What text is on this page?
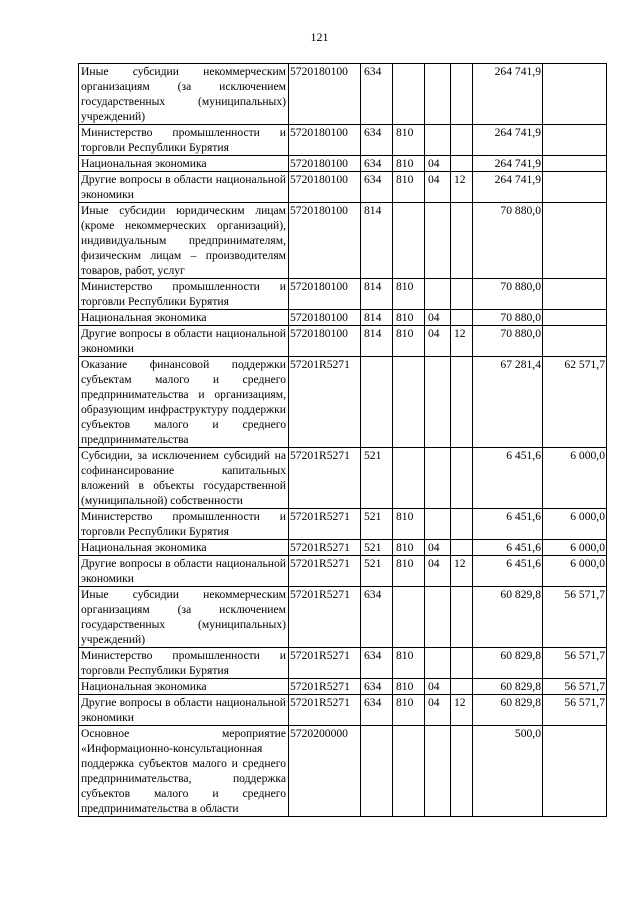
121
Иные субсидии некоммерческим организациям (за исключением государственных (муниципальных) учреждений)	5720180100	634				264 741,9	
Министерство промышленности и торговли Республики Бурятия	5720180100	634	810			264 741,9	
Национальная экономика	5720180100	634	810	04		264 741,9	
Другие вопросы в области национальной экономики	5720180100	634	810	04	12	264 741,9	
Иные субсидии юридическим лицам (кроме некоммерческих организаций), индивидуальным предпринимателям, физическим лицам – производителям товаров, работ, услуг	5720180100	814				70 880,0	
Министерство промышленности и торговли Республики Бурятия	5720180100	814	810			70 880,0	
Национальная экономика	5720180100	814	810	04		70 880,0	
Другие вопросы в области национальной экономики	5720180100	814	810	04	12	70 880,0	
Оказание финансовой поддержки субъектам малого и среднего предпринимательства и организациям, образующим инфраструктуру поддержки субъектов малого и среднего предпринимательства	57201R5271					67 281,4	62 571,7
Субсидии, за исключением субсидий на софинансирование капитальных вложений в объекты государственной (муниципальной) собственности	57201R5271	521				6 451,6	6 000,0
Министерство промышленности и торговли Республики Бурятия	57201R5271	521	810			6 451,6	6 000,0
Национальная экономика	57201R5271	521	810	04		6 451,6	6 000,0
Другие вопросы в области национальной экономики	57201R5271	521	810	04	12	6 451,6	6 000,0
Иные субсидии некоммерческим организациям (за исключением государственных (муниципальных) учреждений)	57201R5271	634				60 829,8	56 571,7
Министерство промышленности и торговли Республики Бурятия	57201R5271	634	810			60 829,8	56 571,7
Национальная экономика	57201R5271	634	810	04		60 829,8	56 571,7
Другие вопросы в области национальной экономики	57201R5271	634	810	04	12	60 829,8	56 571,7
Основное мероприятие «Информационно-консультационная поддержка субъектов малого и среднего предпринимательства, поддержка субъектов малого и среднего предпринимательства в области	5720200000					500,0	
